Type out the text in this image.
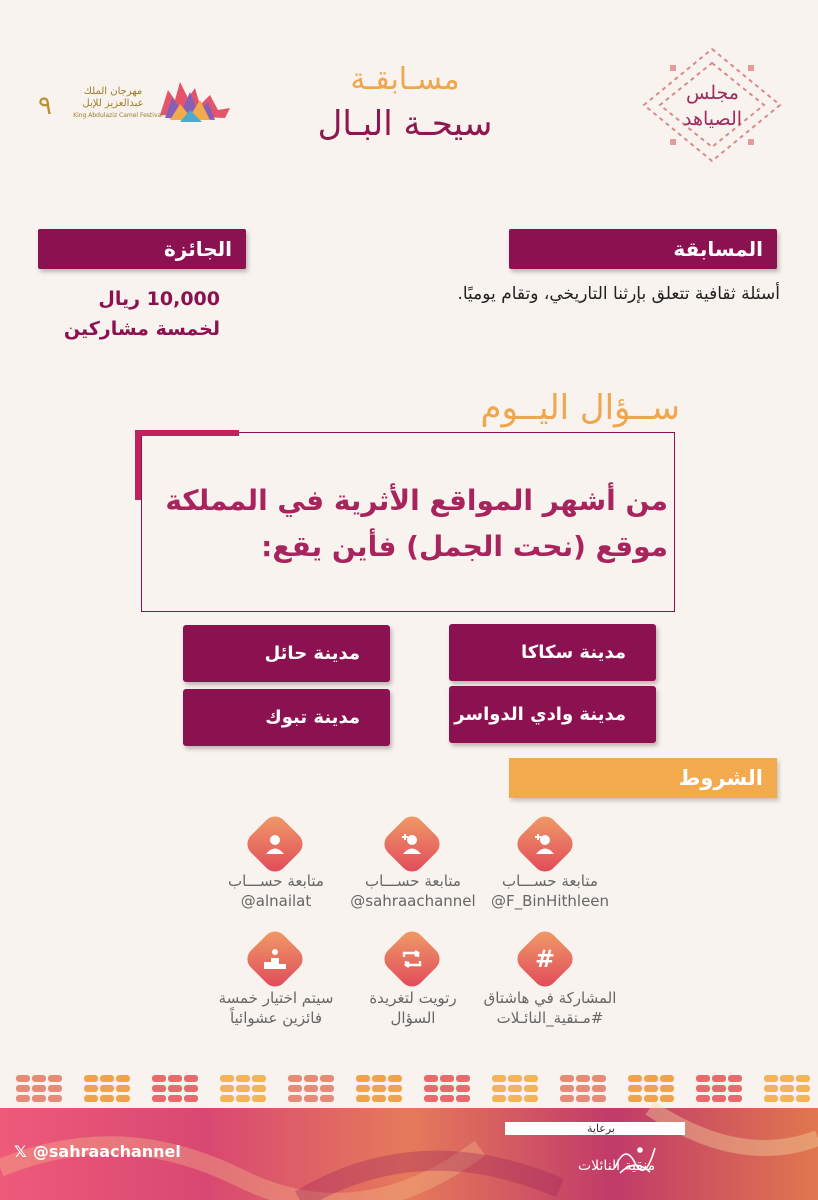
مسـابقـة
سيحـة البـال
٩	مهرجان الملك عبدالعزيز للإبل
King Abdulaziz Camel Festival
مجلس الصياهد
المسابقة
أسئلة ثقافية تتعلق بإرثنا التاريخي، وتقام يوميًا.
الجائزة
10,000 ريال
لخمسة مشاركين
ســؤال اليــوم
من أشهر المواقع الأثرية في المملكة
موقع (نحت الجمل) فأين يقع:
مدينة سكاكا
مدينة حائل
مدينة وادي الدواسر
مدينة تبوك
الشروط
متابعة حســـاب
@F_BinHithleen
متابعة حســـاب
@sahraachannel
متابعة حســـاب
@alnailat
#
المشاركة في هاشتاق
#مـنقية_النائـلات
رتويت لتغريدة
السؤال
سيتم اختيار خمسة
فائزين عشوائياً
𝕏 @sahraachannel
برعاية
منقية النائلات
